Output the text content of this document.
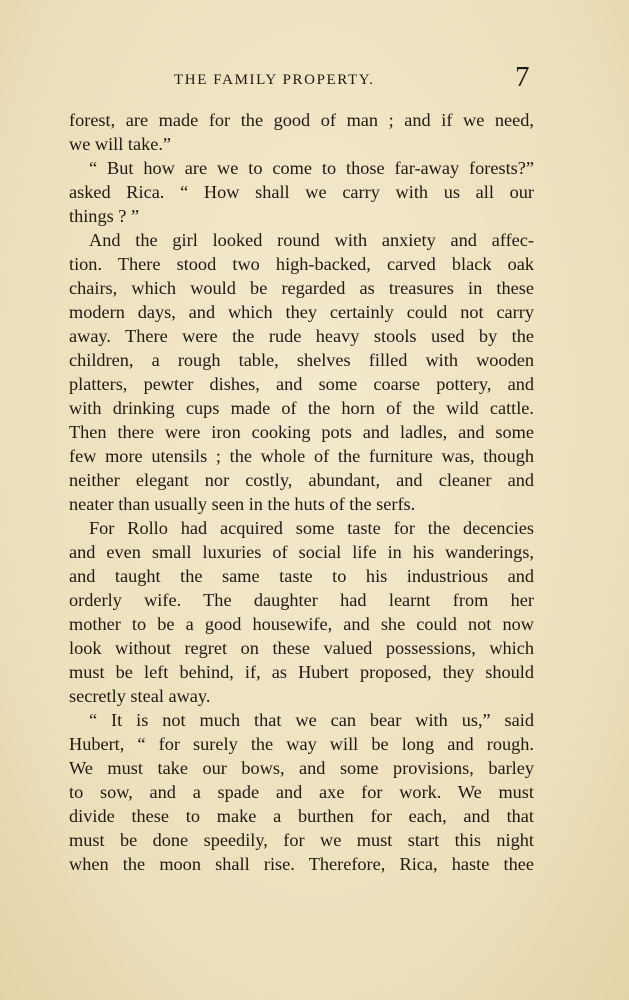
THE FAMILY PROPERTY.	7
forest, are made for the good of man ; and if we need,
we will take.”
“ But how are we to come to those far-away forests?”
asked Rica. “ How shall we carry with us all our
things ? ”
And the girl looked round with anxiety and affec-
tion. There stood two high-backed, carved black oak
chairs, which would be regarded as treasures in these
modern days, and which they certainly could not carry
away. There were the rude heavy stools used by the
children, a rough table, shelves filled with wooden
platters, pewter dishes, and some coarse pottery, and
with drinking cups made of the horn of the wild cattle.
Then there were iron cooking pots and ladles, and some
few more utensils ; the whole of the furniture was, though
neither elegant nor costly, abundant, and cleaner and
neater than usually seen in the huts of the serfs.
For Rollo had acquired some taste for the decencies
and even small luxuries of social life in his wanderings,
and taught the same taste to his industrious and
orderly wife. The daughter had learnt from her
mother to be a good housewife, and she could not now
look without regret on these valued possessions, which
must be left behind, if, as Hubert proposed, they should
secretly steal away.
“ It is not much that we can bear with us,” said
Hubert, “ for surely the way will be long and rough.
We must take our bows, and some provisions, barley
to sow, and a spade and axe for work. We must
divide these to make a burthen for each, and that
must be done speedily, for we must start this night
when the moon shall rise. Therefore, Rica, haste thee
